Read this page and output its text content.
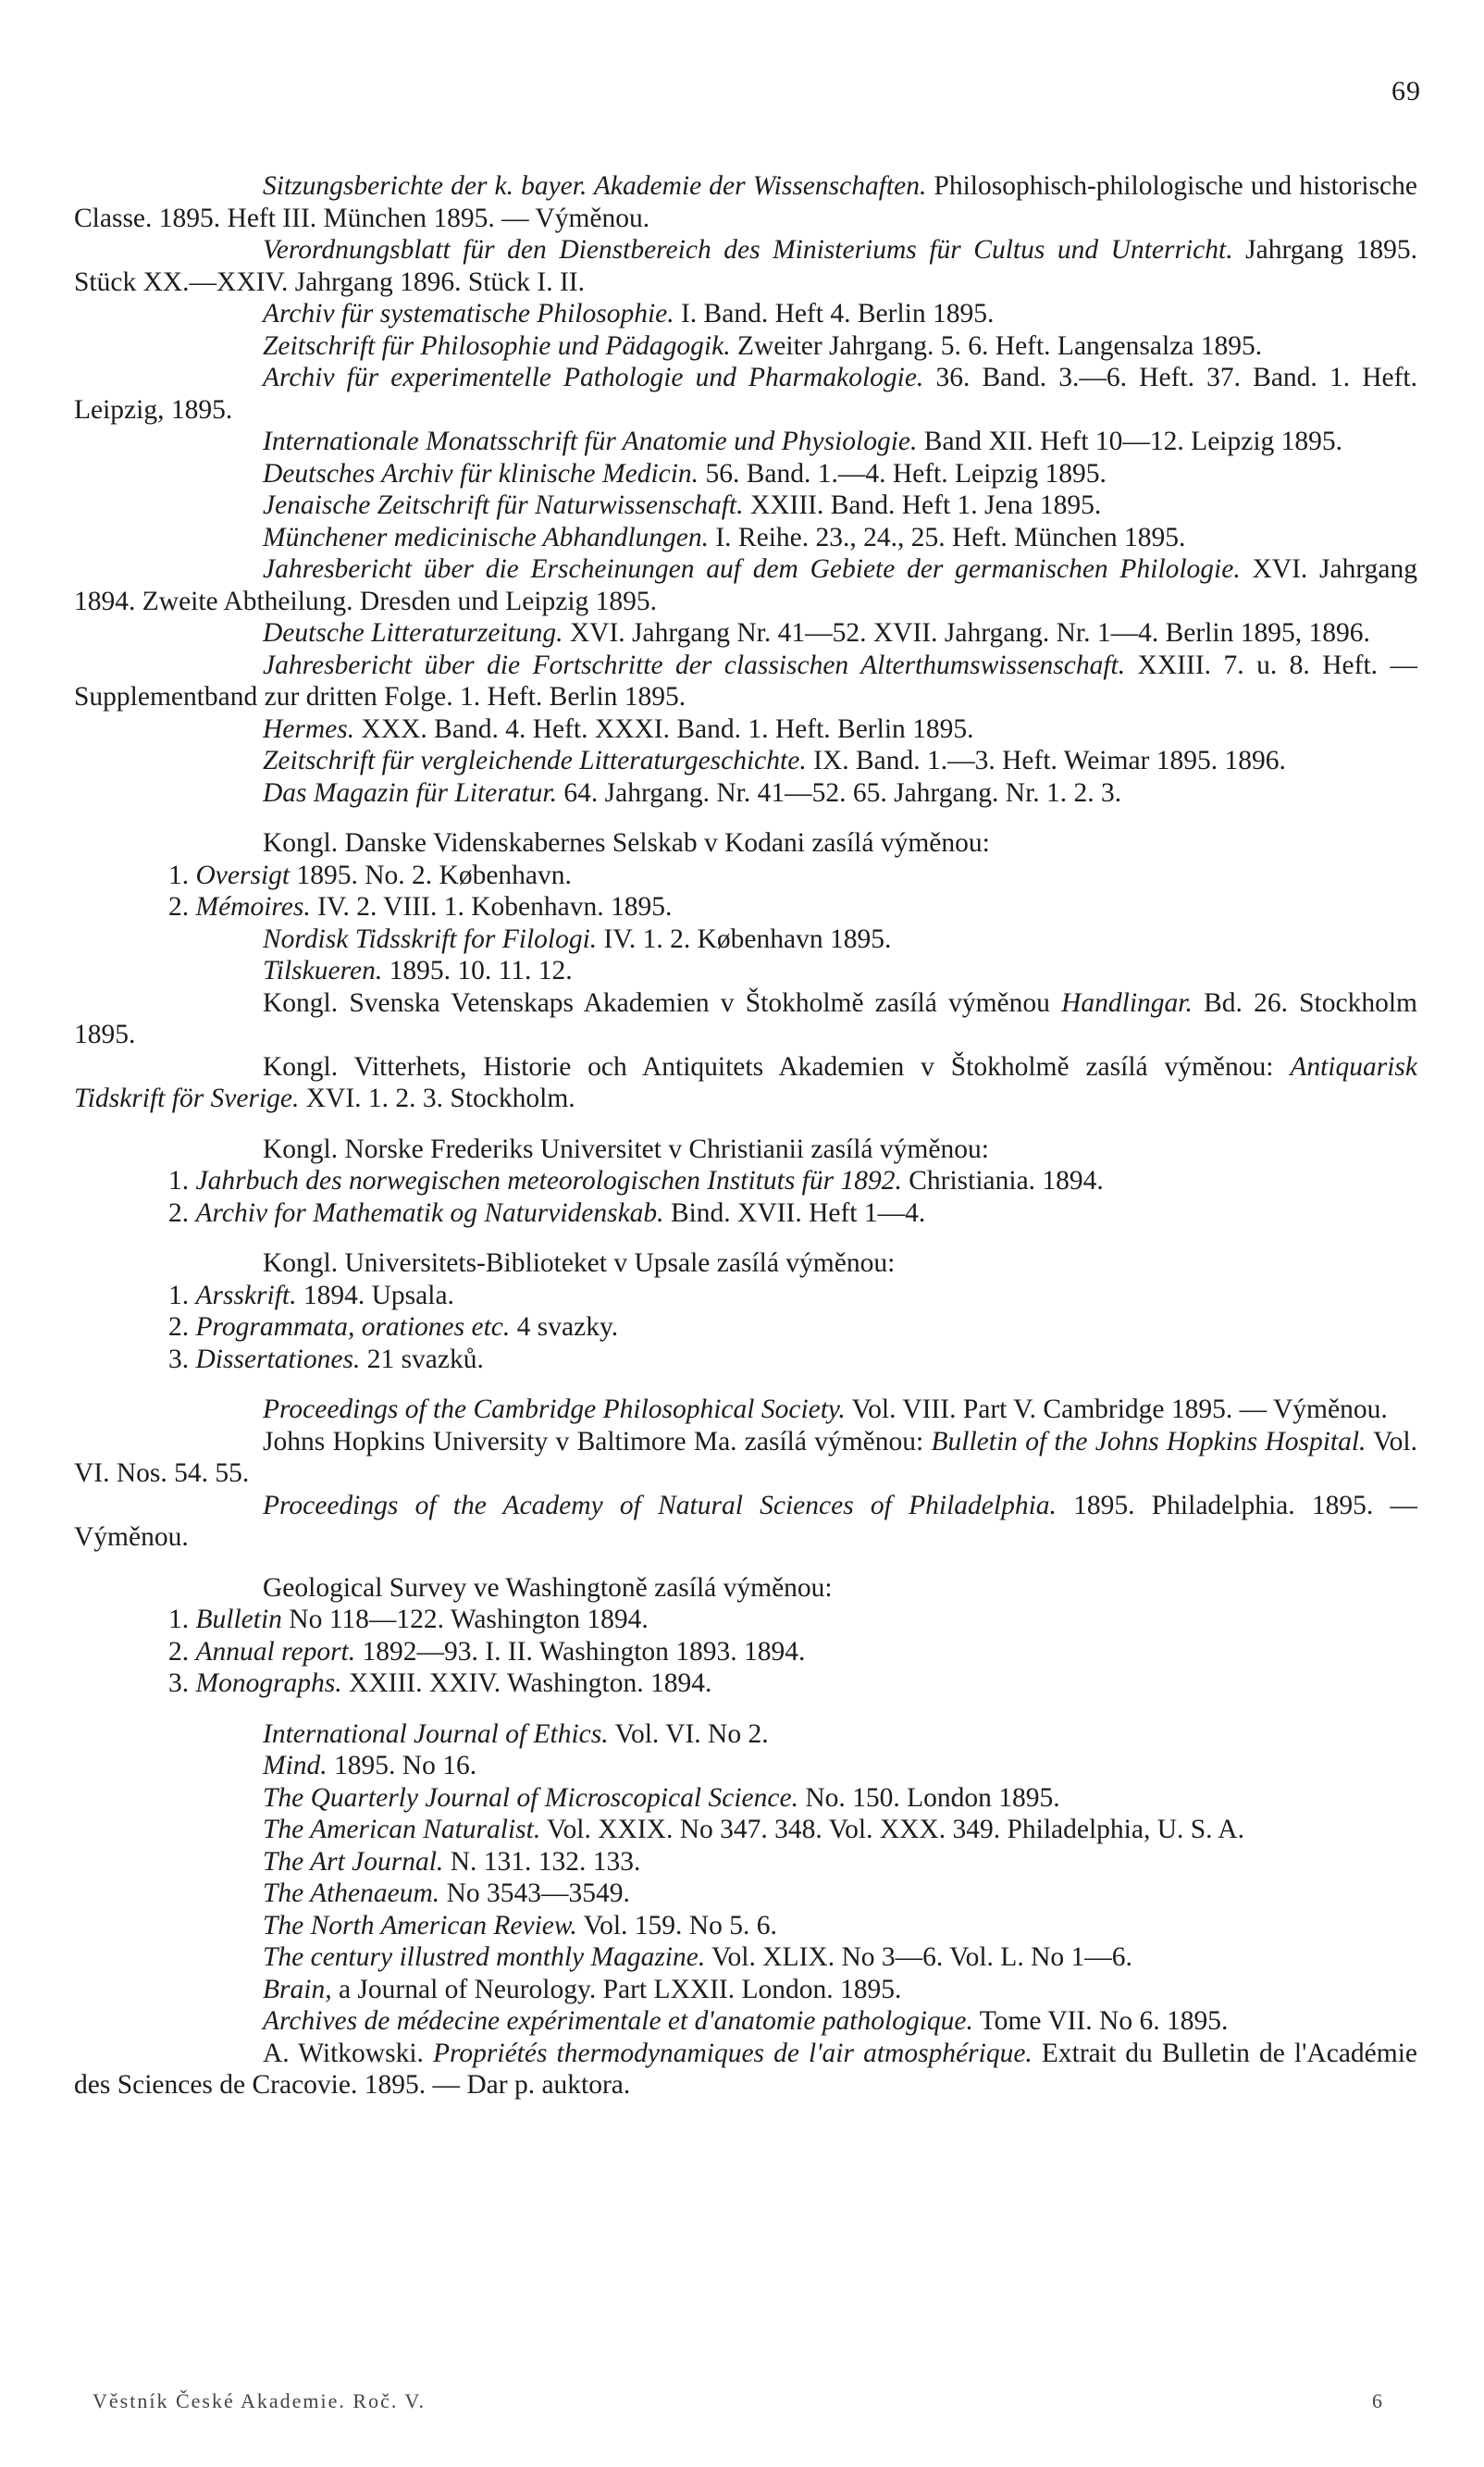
69

Sitzungsberichte der k. bayer. Akademie der Wissenschaften. Philosophisch-philologische und historische Classe. 1895. Heft III. München 1895. — Výměnou.

Verordnungsblatt für den Dienstbereich des Ministeriums für Cultus und Unterricht. Jahrgang 1895. Stück XX.—XXIV. Jahrgang 1896. Stück I. II.

Archiv für systematische Philosophie. I. Band. Heft 4. Berlin 1895.

Zeitschrift für Philosophie und Pädagogik. Zweiter Jahrgang. 5. 6. Heft. Langensalza 1895.

Archiv für experimentelle Pathologie und Pharmakologie. 36. Band. 3.—6. Heft. 37. Band. 1. Heft. Leipzig, 1895.

Internationale Monatsschrift für Anatomie und Physiologie. Band XII. Heft 10—12. Leipzig 1895.

Deutsches Archiv für klinische Medicin. 56. Band. 1.—4. Heft. Leipzig 1895.

Jenaische Zeitschrift für Naturwissenschaft. XXIII. Band. Heft 1. Jena 1895.

Münchener medicinische Abhandlungen. I. Reihe. 23., 24., 25. Heft. München 1895.

Jahresbericht über die Erscheinungen auf dem Gebiete der germanischen Philologie. XVI. Jahrgang 1894. Zweite Abtheilung. Dresden und Leipzig 1895.

Deutsche Litteraturzeitung. XVI. Jahrgang Nr. 41—52. XVII. Jahrgang. Nr. 1—4. Berlin 1895, 1896.

Jahresbericht über die Fortschritte der classischen Alterthumswissenschaft. XXIII. 7. u. 8. Heft. — Supplementband zur dritten Folge. 1. Heft. Berlin 1895.

Hermes. XXX. Band. 4. Heft. XXXI. Band. 1. Heft. Berlin 1895.

Zeitschrift für vergleichende Litteraturgeschichte. IX. Band. 1.—3. Heft. Weimar 1895. 1896.

Das Magazin für Literatur. 64. Jahrgang. Nr. 41—52. 65. Jahrgang. Nr. 1. 2. 3.

Kongl. Danske Videnskabernes Selskab v Kodani zasílá výměnou:

1. Oversigt 1895. No. 2. København.

2. Mémoires. IV. 2. VIII. 1. Kobenhavn. 1895.

Nordisk Tidsskrift for Filologi. IV. 1. 2. København 1895.

Tilskueren. 1895. 10. 11. 12.

Kongl. Svenska Vetenskaps Akademien v Štokholmě zasílá výměnou Handlingar. Bd. 26. Stockholm 1895.

Kongl. Vitterhets, Historie och Antiquitets Akademien v Štokholmě zasílá výměnou: Antiquarisk Tidskrift för Sverige. XVI. 1. 2. 3. Stockholm.

Kongl. Norske Frederiks Universitet v Christianii zasílá výměnou:

1. Jahrbuch des norwegischen meteorologischen Instituts für 1892. Christiania. 1894.

2. Archiv for Mathematik og Naturvidenskab. Bind. XVII. Heft 1—4.

Kongl. Universitets-Biblioteket v Upsale zasílá výměnou:

1. Arsskrift. 1894. Upsala.

2. Programmata, orationes etc. 4 svazky.

3. Dissertationes. 21 svazků.

Proceedings of the Cambridge Philosophical Society. Vol. VIII. Part V. Cambridge 1895. — Výměnou.

Johns Hopkins University v Baltimore Ma. zasílá výměnou: Bulletin of the Johns Hopkins Hospital. Vol. VI. Nos. 54. 55.

Proceedings of the Academy of Natural Sciences of Philadelphia. 1895. Philadelphia. 1895. — Výměnou.

Geological Survey ve Washingtoně zasílá výměnou:

1. Bulletin No 118—122. Washington 1894.

2. Annual report. 1892—93. I. II. Washington 1893. 1894.

3. Monographs. XXIII. XXIV. Washington. 1894.

International Journal of Ethics. Vol. VI. No 2.

Mind. 1895. No 16.

The Quarterly Journal of Microscopical Science. No. 150. London 1895.

The American Naturalist. Vol. XXIX. No 347. 348. Vol. XXX. 349. Philadelphia, U. S. A.

The Art Journal. N. 131. 132. 133.

The Athenaeum. No 3543—3549.

The North American Review. Vol. 159. No 5. 6.

The century illustred monthly Magazine. Vol. XLIX. No 3—6. Vol. L. No 1—6.

Brain, a Journal of Neurology. Part LXXII. London. 1895.

Archives de médecine expérimentale et d'anatomie pathologique. Tome VII. No 6. 1895.

A. Witkowski. Propriétés thermodynamiques de l'air atmosphérique. Extrait du Bulletin de l'Académie des Sciences de Cracovie. 1895. — Dar p. auktora.

Věstník České Akademie. Roč. V.	6
